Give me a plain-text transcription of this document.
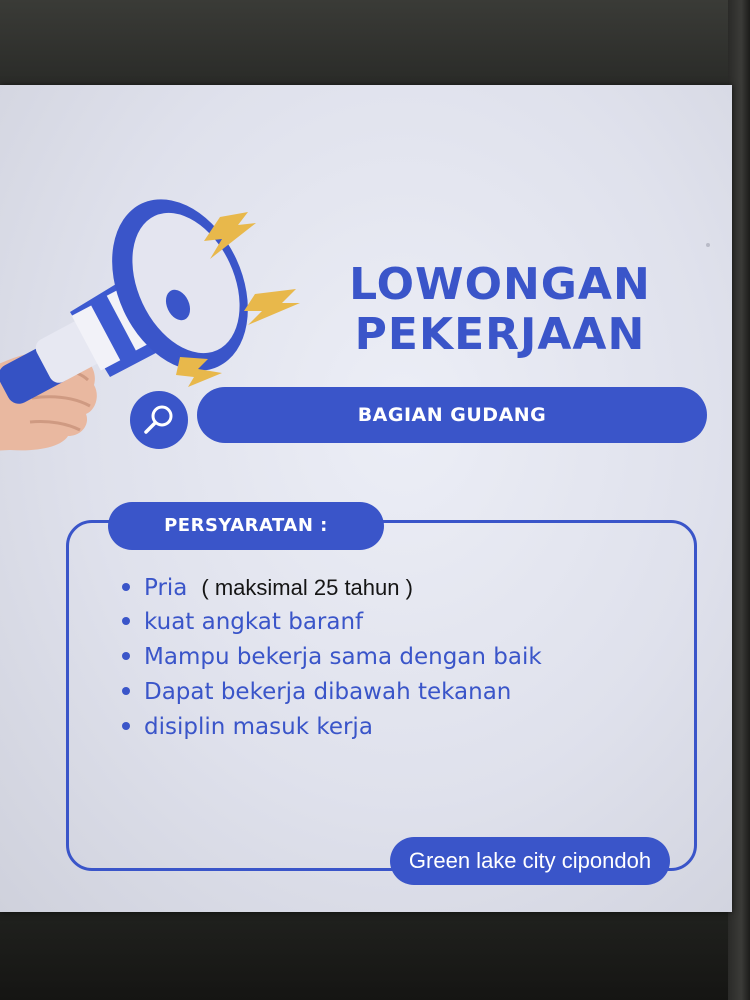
LOWONGAN
PEKERJAAN
BAGIAN GUDANG
PERSYARATAN :
Pria ( maksimal 25 tahun )
kuat angkat baranf
Mampu bekerja sama dengan baik
Dapat bekerja dibawah tekanan
disiplin masuk kerja
Green lake city cipondoh
